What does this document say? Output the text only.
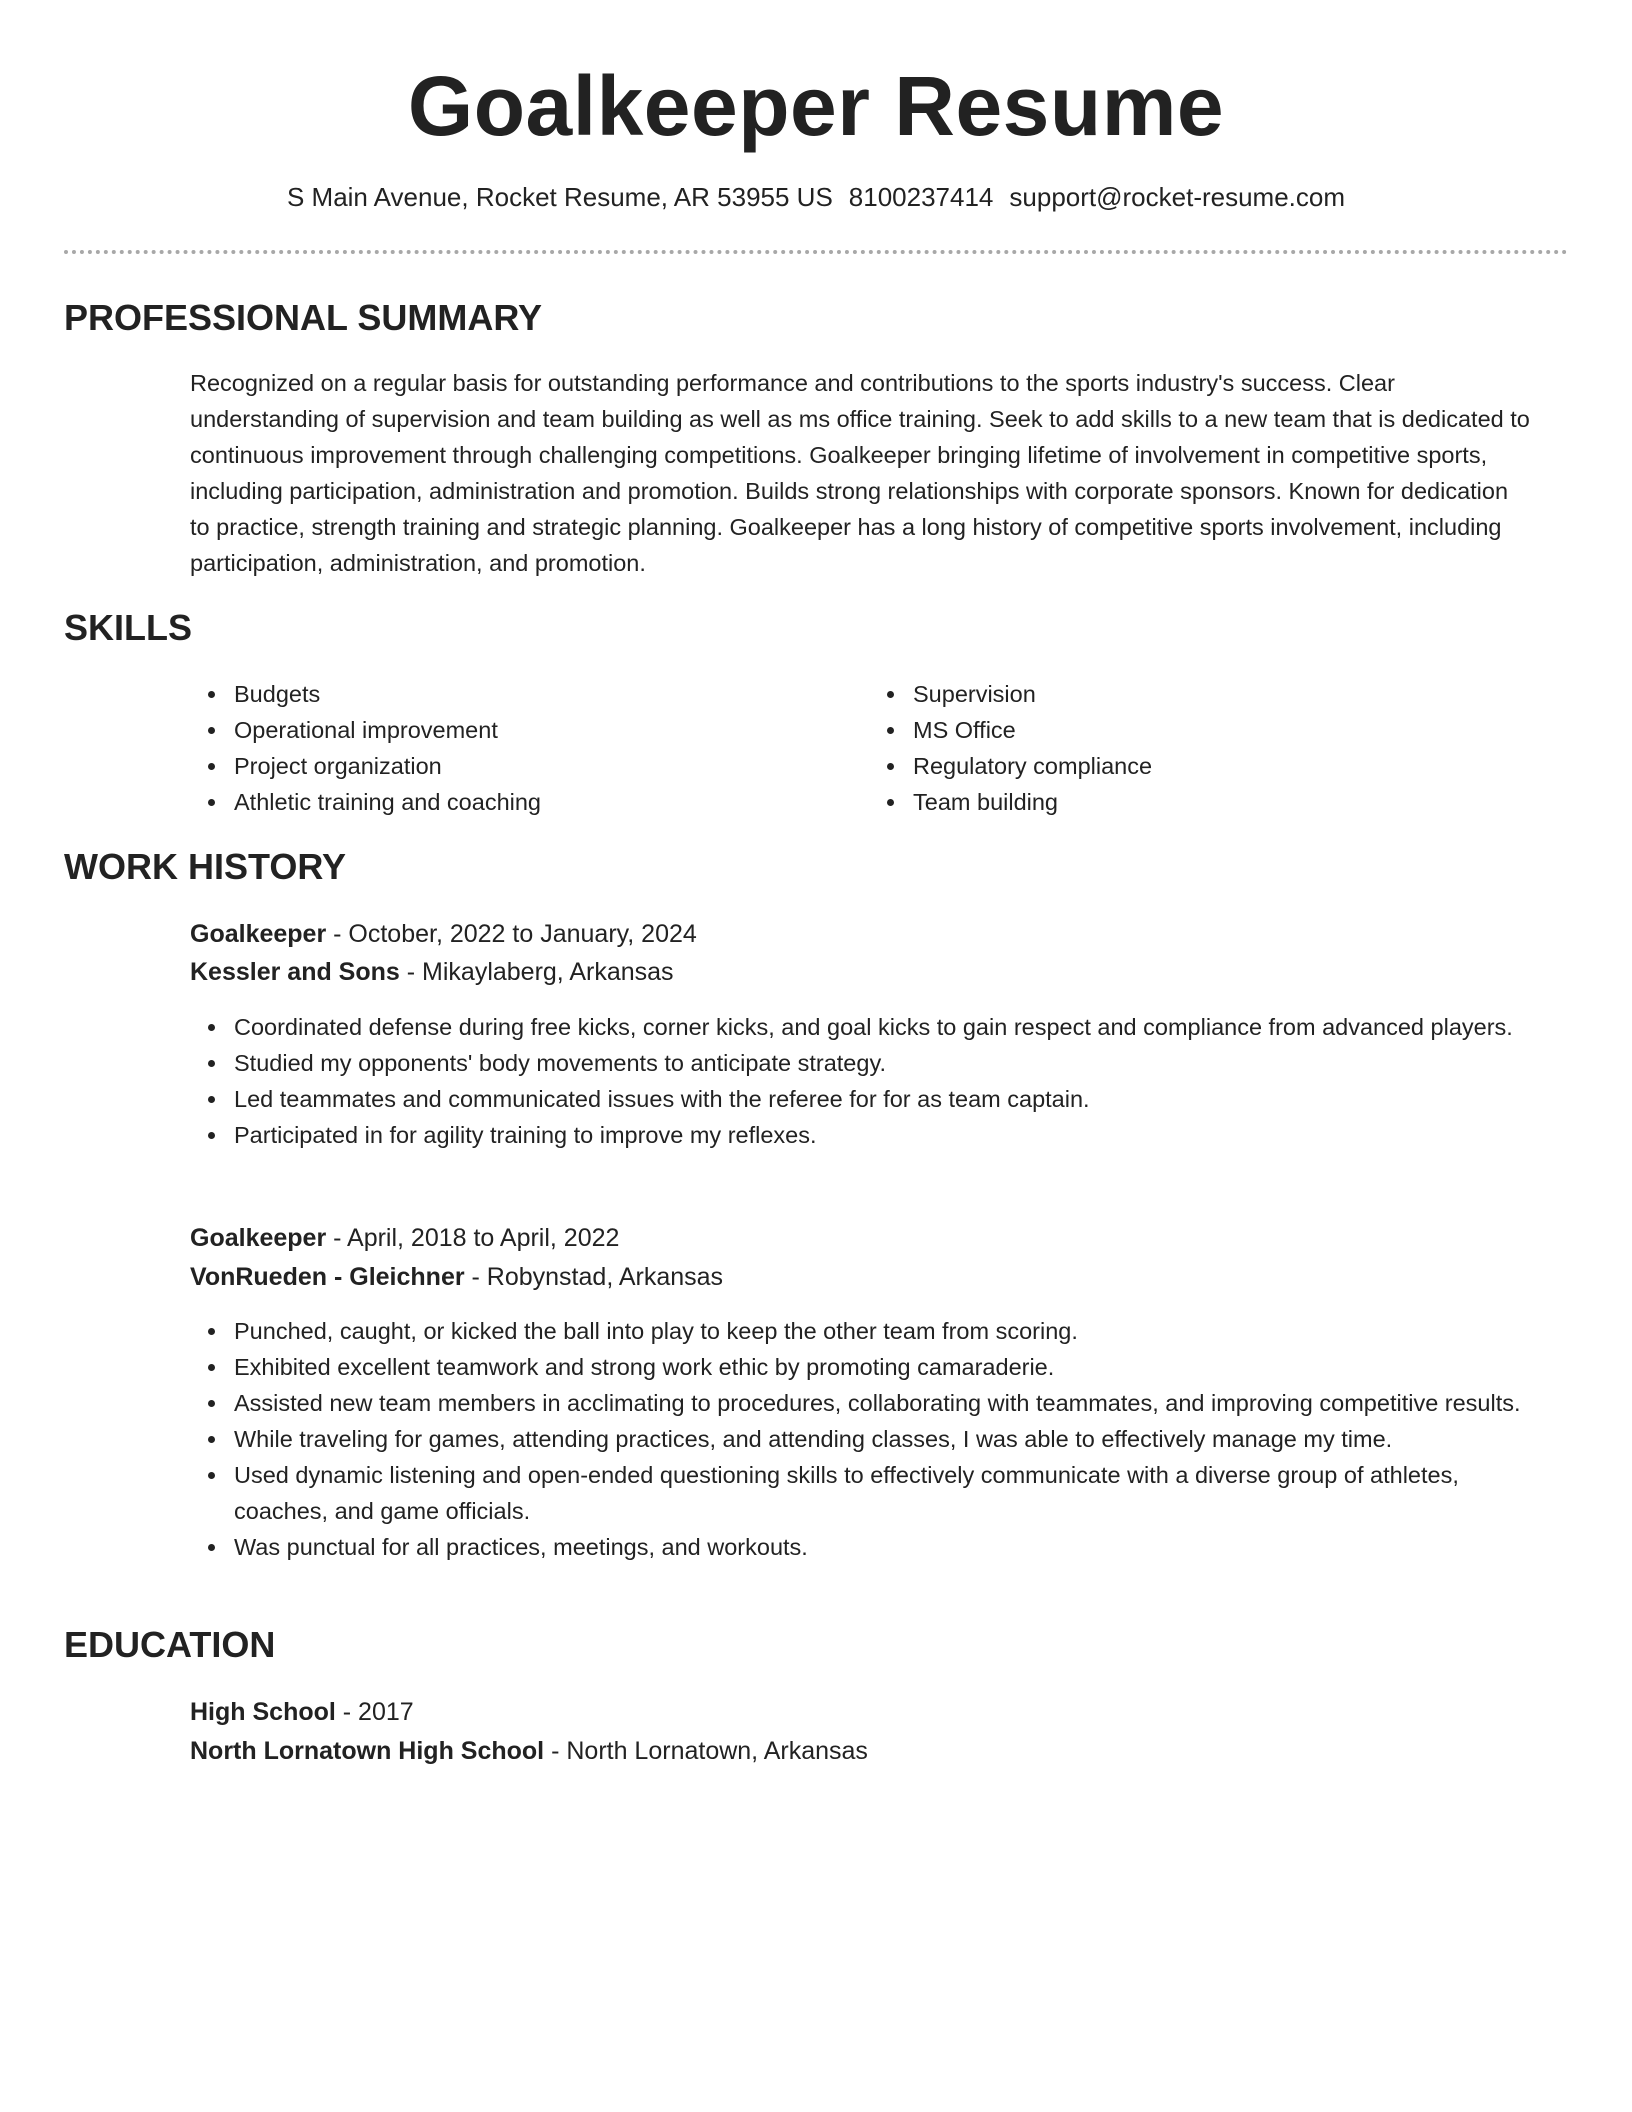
Goalkeeper Resume
S Main Avenue, Rocket Resume, AR 53955 US 8100237414 support@rocket-resume.com
PROFESSIONAL SUMMARY

Recognized on a regular basis for outstanding performance and contributions to the sports industry's success. Clear understanding of supervision and team building as well as ms office training. Seek to add skills to a new team that is dedicated to continuous improvement through challenging competitions. Goalkeeper bringing lifetime of involvement in competitive sports, including participation, administration and promotion. Builds strong relationships with corporate sponsors. Known for dedication to practice, strength training and strategic planning. Goalkeeper has a long history of competitive sports involvement, including participation, administration, and promotion.

SKILLS
Budgets
Operational improvement
Project organization
Athletic training and coaching
Supervision
MS Office
Regulatory compliance
Team building
WORK HISTORY
Goalkeeper - October, 2022 to January, 2024
Kessler and Sons - Mikaylaberg, Arkansas
Coordinated defense during free kicks, corner kicks, and goal kicks to gain respect and compliance from advanced players.
Studied my opponents' body movements to anticipate strategy.
Led teammates and communicated issues with the referee for for as team captain.
Participated in for agility training to improve my reflexes.
Goalkeeper - April, 2018 to April, 2022
VonRueden - Gleichner - Robynstad, Arkansas
Punched, caught, or kicked the ball into play to keep the other team from scoring.
Exhibited excellent teamwork and strong work ethic by promoting camaraderie.
Assisted new team members in acclimating to procedures, collaborating with teammates, and improving competitive results.
While traveling for games, attending practices, and attending classes, I was able to effectively manage my time.
Used dynamic listening and open-ended questioning skills to effectively communicate with a diverse group of athletes, coaches, and game officials.
Was punctual for all practices, meetings, and workouts.
EDUCATION
High School - 2017
North Lornatown High School - North Lornatown, Arkansas
